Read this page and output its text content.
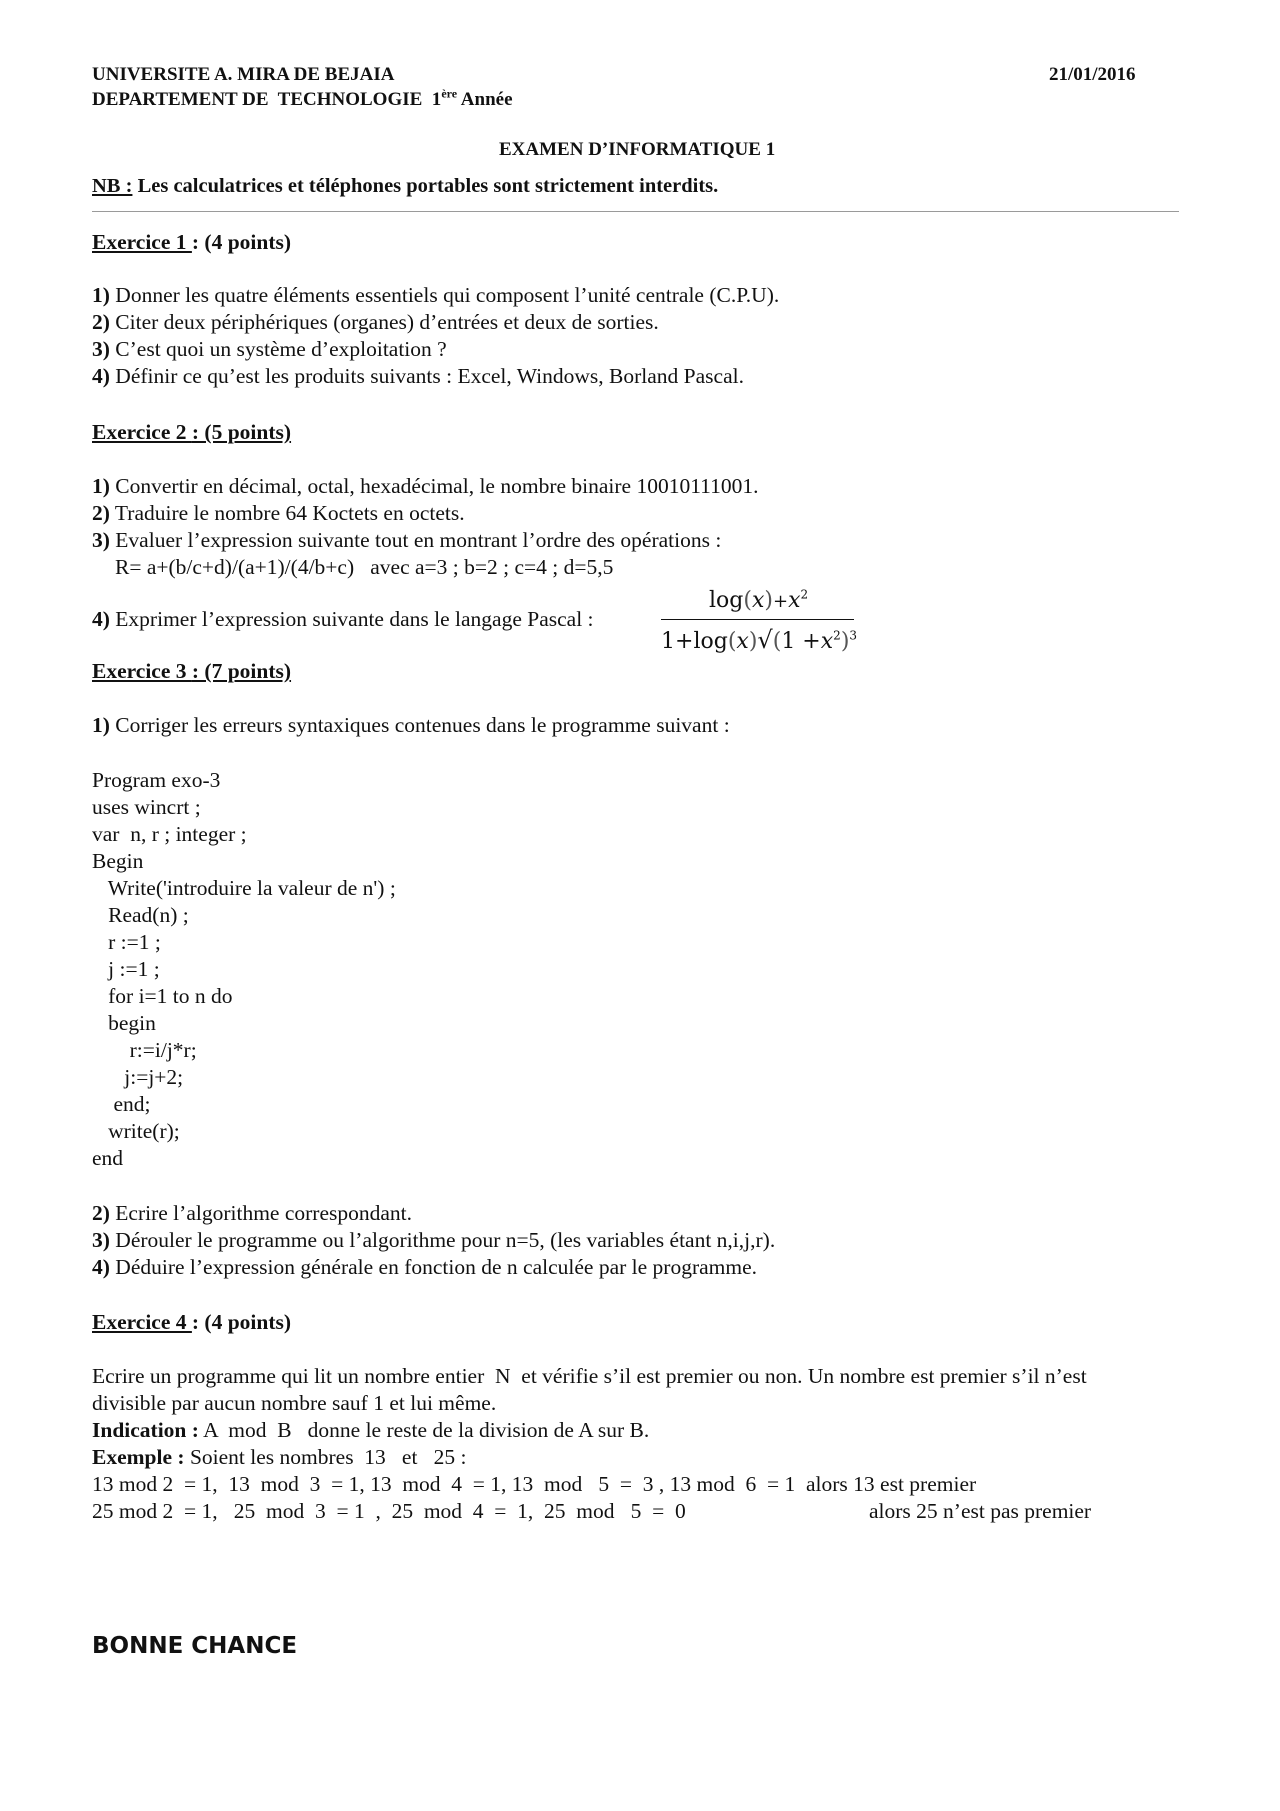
UNIVERSITE A. MIRA DE BEJAIA	21/01/2016
DEPARTEMENT DE  TECHNOLOGIE  1ère Année
EXAMEN D’INFORMATIQUE 1
NB : Les calculatrices et téléphones portables sont strictement interdits.
Exercice 1 : (4 points)
1) Donner les quatre éléments essentiels qui composent l’unité centrale (C.P.U).
2) Citer deux périphériques (organes) d’entrées et deux de sorties.
3) C’est quoi un système d’exploitation ?
4) Définir ce qu’est les produits suivants : Excel, Windows, Borland Pascal.
Exercice 2 : (5 points)
1) Convertir en décimal, octal, hexadécimal, le nombre binaire 10010111001.
2) Traduire le nombre 64 Koctets en octets.
3) Evaluer l’expression suivante tout en montrant l’ordre des opérations :
R= a+(b/c+d)/(a+1)/(4/b+c)   avec a=3 ; b=2 ; c=4 ; d=5,5
4) Exprimer l’expression suivante dans le langage Pascal :
$\log(x)+x^2$
$1+\log(x)√(1 +x^2)^3$
Exercice 3 : (7 points)
1) Corriger les erreurs syntaxiques contenues dans le programme suivant :
Program exo-3
uses wincrt ;
var  n, r ; integer ;
Begin
Write('introduire la valeur de n') ;
Read(n) ;
r :=1 ;
j :=1 ;
for i=1 to n do
begin
r:=i/j*r;
j:=j+2;
end;
write(r);
end
2) Ecrire l’algorithme correspondant.
3) Dérouler le programme ou l’algorithme pour n=5, (les variables étant n,i,j,r).
4) Déduire l’expression générale en fonction de n calculée par le programme.
Exercice 4 : (4 points)
Ecrire un programme qui lit un nombre entier  N  et vérifie s’il est premier ou non. Un nombre est premier s’il n’est
divisible par aucun nombre sauf 1 et lui même.
Indication : A  mod  B   donne le reste de la division de A sur B.
Exemple : Soient les nombres  13   et   25 :
13 mod 2  = 1,  13  mod  3  = 1, 13  mod  4  = 1, 13  mod   5  =  3 , 13 mod  6  = 1  alors 13 est premier
25 mod 2  = 1,   25  mod  3  = 1  ,  25  mod  4  =  1,  25  mod   5  =  0	alors 25 n’est pas premier
BONNE CHANCE
